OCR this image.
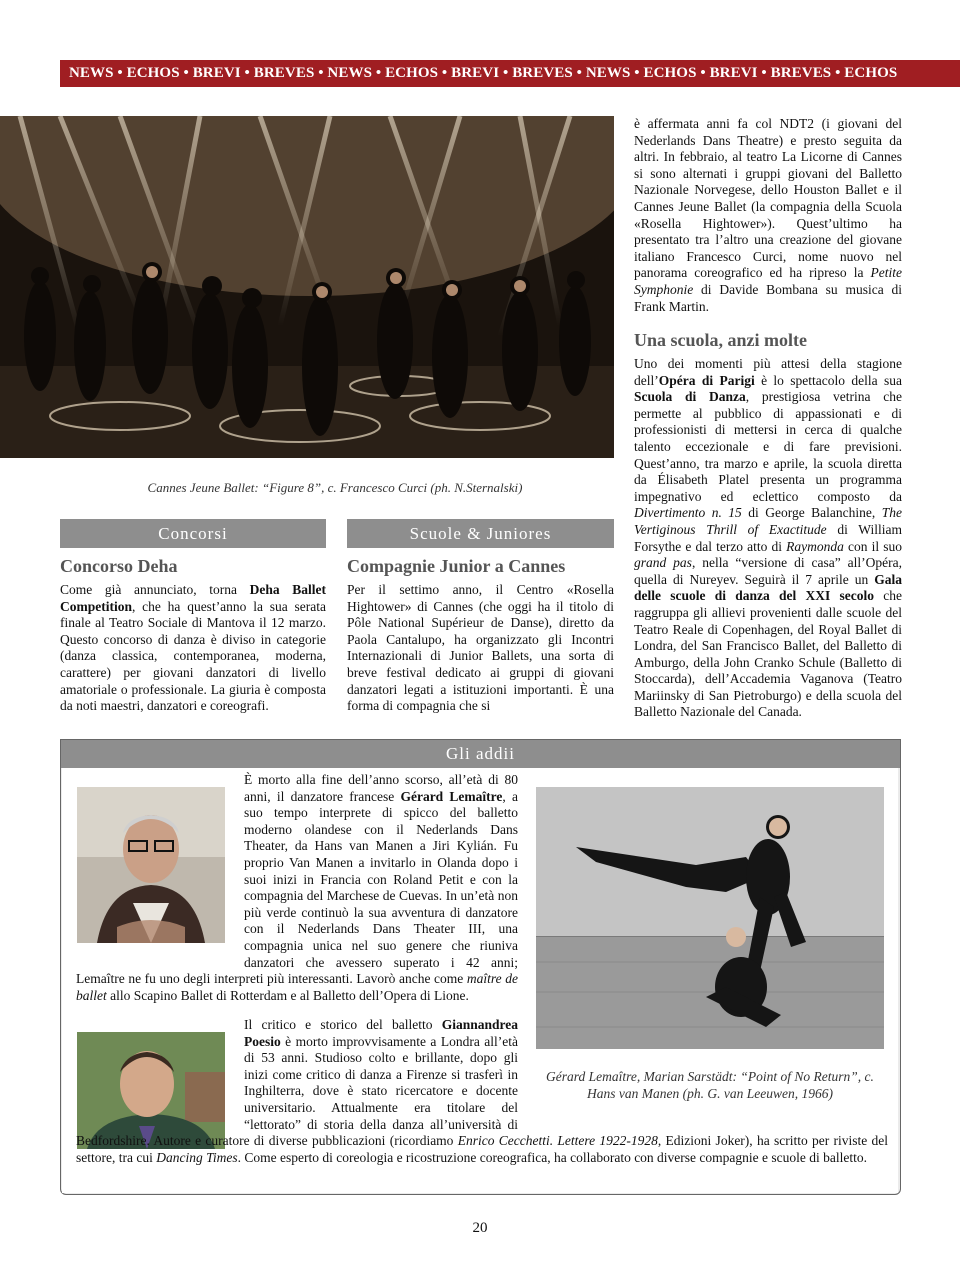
NEWS • ECHOS • BREVI • BREVES • NEWS • ECHOS • BREVI • BREVES • NEWS • ECHOS • BREVI • BREVES • ECHOS
Cannes Jeune Ballet: “Figure 8”, c. Francesco Curci (ph. N.Sternalski)

è affermata anni fa col NDT2 (i giovani del Nederlands Dans Theatre) e presto seguita da altri. In febbraio, al teatro La Licorne di Cannes si sono alternati i gruppi giovani del Balletto Nazionale Norvegese, dello Houston Ballet e il Cannes Jeune Ballet (la compagnia della Scuola «Rosella Hightower»). Quest’ultimo ha presentato tra l’altro una creazione del giovane italiano Francesco Curci, nome nuovo nel panorama coreografico ed ha ripreso la Petite Symphonie di Davide Bombana su musica di Frank Martin.

Una scuola, anzi molte

Uno dei momenti più attesi della stagione dell’Opéra di Parigi è lo spettacolo della sua Scuola di Danza, prestigiosa vetrina che permette al pubblico di appassionati e di professionisti di mettersi in cerca di qualche talento eccezionale e di fare previsioni. Quest’anno, tra marzo e aprile, la scuola diretta da Élisabeth Platel presenta un programma impegnativo ed eclettico composto da Divertimento n. 15 di George Balanchine, The Vertiginous Thrill of Exactitude di William Forsythe e dal terzo atto di Raymonda con il suo grand pas, nella “versione di casa” all’Opéra, quella di Nureyev. Seguirà il 7 aprile un Gala delle scuole di danza del XXI secolo che raggruppa gli allievi provenienti dalle scuole del Teatro Reale di Copenhagen, del Royal Ballet di Londra, del San Francisco Ballet, del Balletto di Amburgo, della John Cranko Schule (Balletto di Stoccarda), dell’Accademia Vaganova (Teatro Mariinsky di San Pietroburgo) e della scuola del Balletto Nazionale del Canada.

Concorsi
Concorso Deha

Come già annunciato, torna Deha Ballet Competition, che ha quest’anno la sua serata finale al Teatro Sociale di Mantova il 12 marzo. Questo concorso di danza è diviso in categorie (danza classica, contemporanea, moderna, carattere) per giovani danzatori di livello amatoriale o professionale. La giuria è composta da noti maestri, danzatori e coreografi.

Scuole & Juniores
Compagnie Junior a Cannes

Per il settimo anno, il Centro «Rosella Hightower» di Cannes (che oggi ha il titolo di Pôle National Supérieur de Danse), diretto da Paola Cantalupo, ha organizzato gli Incontri Internazionali di Junior Ballets, una sorta di breve festival dedicato ai gruppi di giovani danzatori legati a istituzioni importanti. È una forma di compagnia che si

Gli addii

È morto alla fine dell’anno scorso, all’età di 80 anni, il danzatore francese Gérard Lemaître, a suo tempo interprete di spicco del balletto moderno olandese con il Nederlands Dans Theater, da Hans van Manen a Jiri Kylián. Fu proprio Van Manen a invitarlo in Olanda dopo i suoi inizi in Francia con Roland Petit e con la compagnia del Marchese de Cuevas. In un’età non più verde continuò la sua avventura di danzatore con il Nederlands Dans Theater III, una compagnia unica nel suo genere che riuniva danzatori che avessero superato i 42 anni; Lemaître ne fu uno degli interpreti più interessanti. Lavorò anche come maître de ballet allo Scapino Ballet di Rotterdam e al Balletto dell’Opera di Lione.

Il critico e storico del balletto Giannandrea Poesio è morto improvvisamente a Londra all’età di 53 anni. Studioso colto e brillante, dopo gli inizi come critico di danza a Firenze si trasferì in Inghilterra, dove è stato ricercatore e docente universitario. Attualmente era titolare del “lettorato” di storia della danza all’università di Bedfordshire. Autore e curatore di diverse pubblicazioni (ricordiamo Enrico Cecchetti. Lettere 1922-1928, Edizioni Joker), ha scritto per riviste del settore, tra cui Dancing Times. Come esperto di coreologia e ricostruzione coreografica, ha collaborato con diverse compagnie e scuole di balletto.

Gérard Lemaître, Marian Sarstädt: “Point of No Return”, c. Hans van Manen (ph. G. van Leeuwen, 1966)
20
